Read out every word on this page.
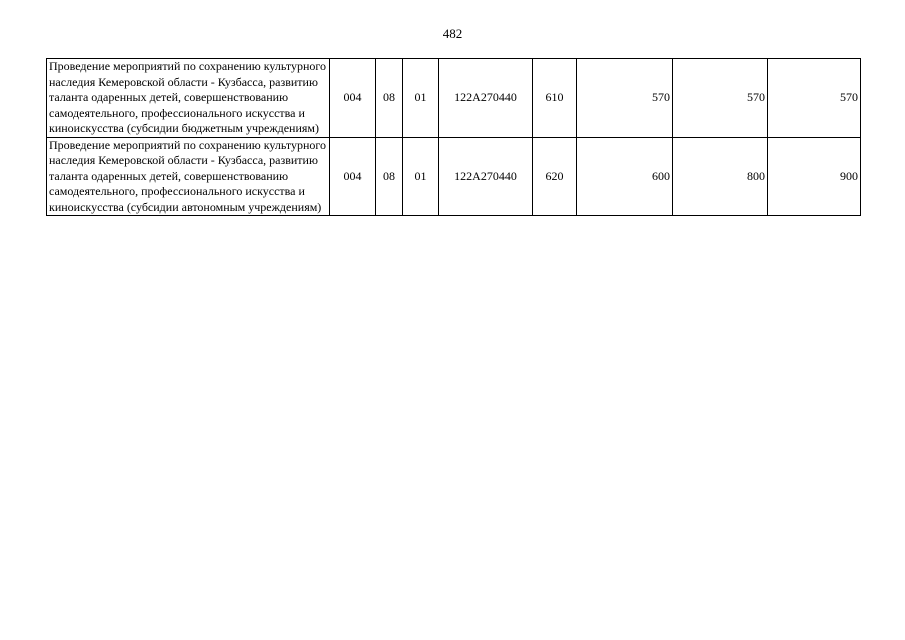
482
Проведение мероприятий по сохранению культурного наследия Кемеровской области - Кузбасса, развитию таланта одаренных детей, совершенствованию самодеятельного, профессионального искусства и киноискусства (субсидии бюджетным учреждениям)	004	08	01	122А270440	610	570	570	570
Проведение мероприятий по сохранению культурного наследия Кемеровской области - Кузбасса, развитию таланта одаренных детей, совершенствованию самодеятельного, профессионального искусства и киноискусства (субсидии автономным учреждениям)	004	08	01	122А270440	620	600	800	900
